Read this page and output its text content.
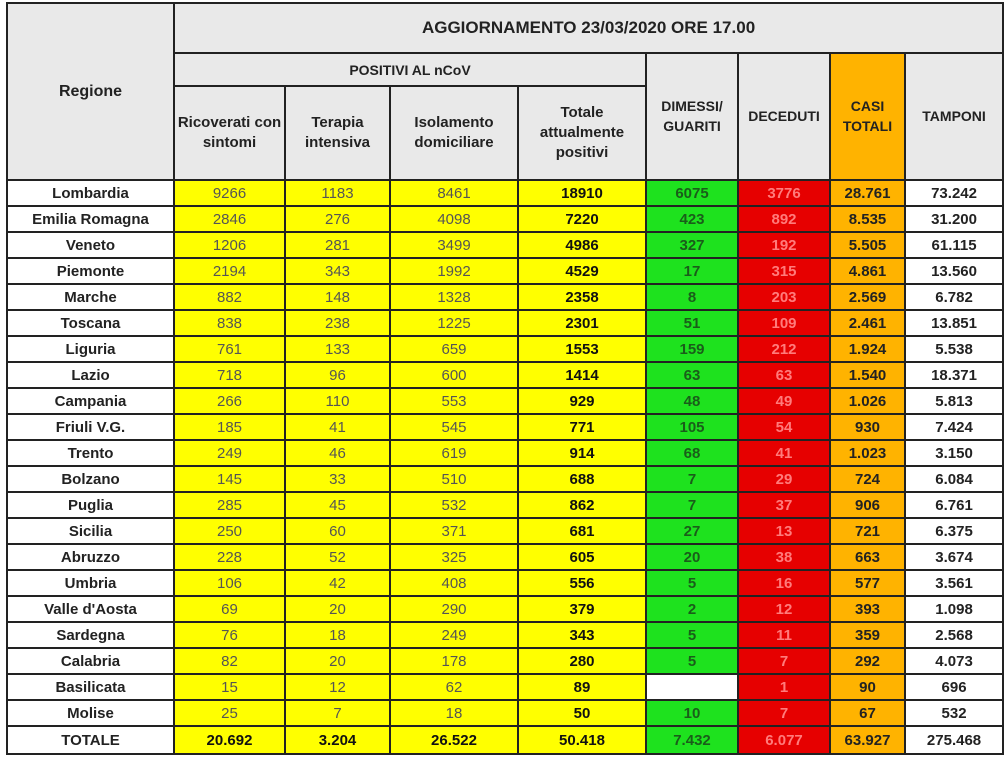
Regione	AGGIORNAMENTO 23/03/2020 ORE 17.00							
	POSITIVI AL nCoV				DIMESSI/ GUARITI	DECEDUTI	CASI TOTALI	TAMPONI
	Ricoverati con sintomi	Terapia intensiva	Isolamento domiciliare	Totale attualmente positivi				
Lombardia	9266	1183	8461	18910	6075	3776	28.761	73.242
Emilia Romagna	2846	276	4098	7220	423	892	8.535	31.200
Veneto	1206	281	3499	4986	327	192	5.505	61.115
Piemonte	2194	343	1992	4529	17	315	4.861	13.560
Marche	882	148	1328	2358	8	203	2.569	6.782
Toscana	838	238	1225	2301	51	109	2.461	13.851
Liguria	761	133	659	1553	159	212	1.924	5.538
Lazio	718	96	600	1414	63	63	1.540	18.371
Campania	266	110	553	929	48	49	1.026	5.813
Friuli V.G.	185	41	545	771	105	54	930	7.424
Trento	249	46	619	914	68	41	1.023	3.150
Bolzano	145	33	510	688	7	29	724	6.084
Puglia	285	45	532	862	7	37	906	6.761
Sicilia	250	60	371	681	27	13	721	6.375
Abruzzo	228	52	325	605	20	38	663	3.674
Umbria	106	42	408	556	5	16	577	3.561
Valle d'Aosta	69	20	290	379	2	12	393	1.098
Sardegna	76	18	249	343	5	11	359	2.568
Calabria	82	20	178	280	5	7	292	4.073
Basilicata	15	12	62	89		1	90	696
Molise	25	7	18	50	10	7	67	532
TOTALE	20.692	3.204	26.522	50.418	7.432	6.077	63.927	275.468
